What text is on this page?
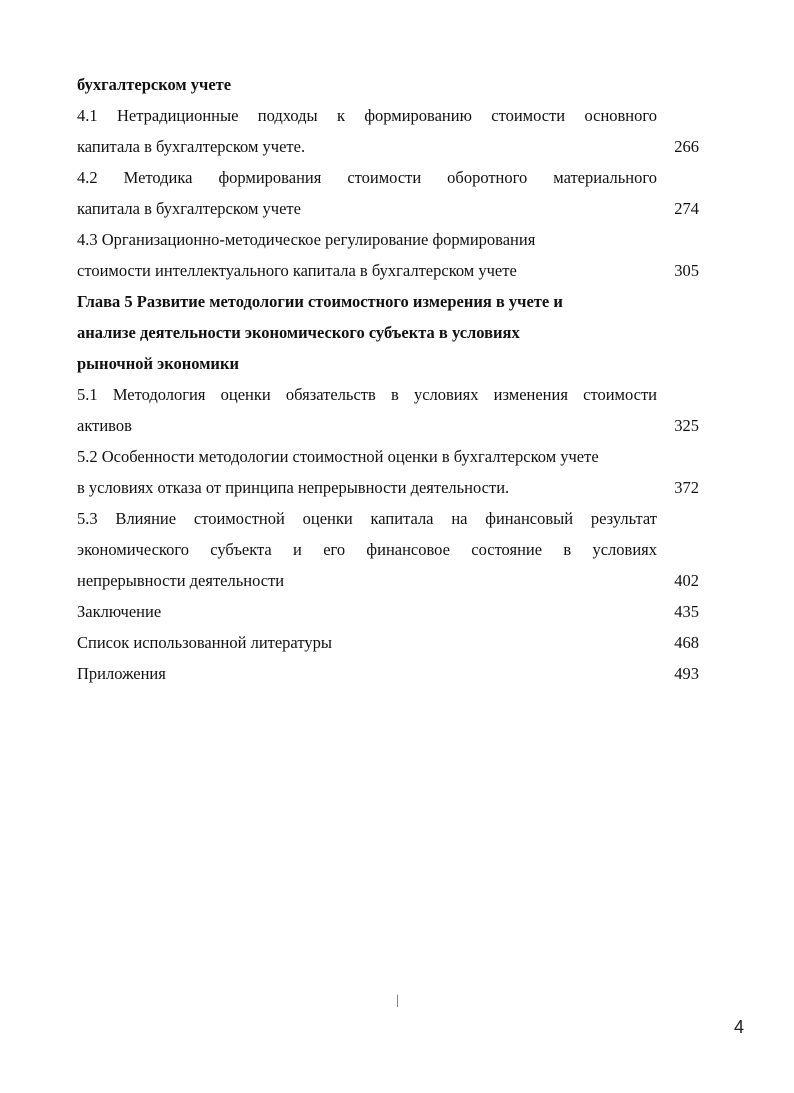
бухгалтерском учете
4.1 Нетрадиционные подходы к формированию стоимости основного
капитала в бухгалтерском учете.	266
4.2 Методика формирования стоимости оборотного материального
капитала в бухгалтерском учете	274
4.3 Организационно-методическое регулирование формирования
стоимости интеллектуального капитала в бухгалтерском учете	305
Глава 5 Развитие методологии стоимостного измерения в учете и
анализе деятельности экономического субъекта в условиях
рыночной экономики
5.1 Методология оценки обязательств в условиях изменения стоимости
активов	325
5.2 Особенности методологии стоимостной оценки в бухгалтерском учете
в условиях отказа от принципа непрерывности деятельности.	372
5.3 Влияние стоимостной оценки капитала на финансовый результат
экономического субъекта и его финансовое состояние в условиях
непрерывности деятельности	402
Заключение	435
Список использованной литературы	468
Приложения	493
|
4
